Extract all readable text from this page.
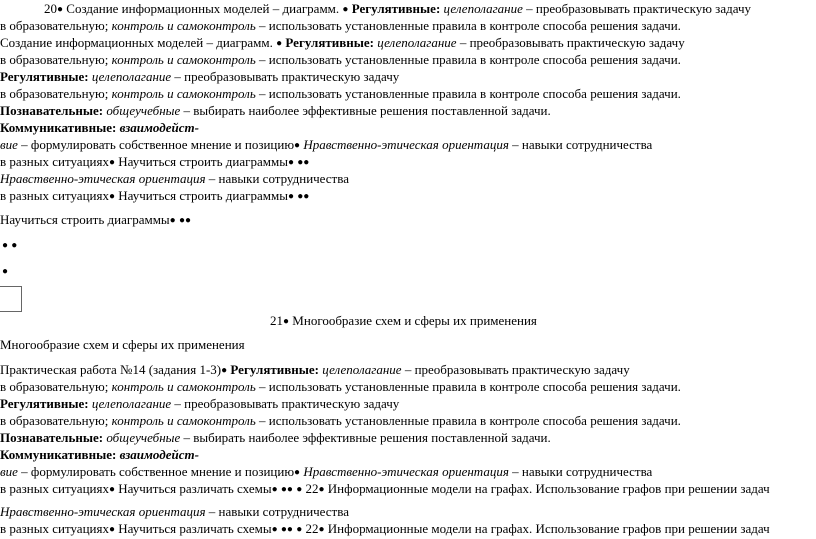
20● Создание информационных моделей – диаграмм. ● Регулятивные: целеполагание – преобразовывать практическую задачу
в образовательную; контроль и самоконтроль – использовать установленные правила в контроле способа решения задачи.
Создание информационных моделей – диаграмм. ● Регулятивные: целеполагание – преобразовывать практическую задачу
в образовательную; контроль и самоконтроль – использовать установленные правила в контроле способа решения задачи.
Регулятивные: целеполагание – преобразовывать практическую задачу
в образовательную; контроль и самоконтроль – использовать установленные правила в контроле способа решения задачи.
Познавательные: общеучебные – выбирать наиболее эффективные решения поставленной задачи.
Коммуникативные: взаимодейст-
вие – формулировать собственное мнение и позицию● Нравственно-этическая ориентация – навыки сотрудничества
в разных ситуациях● Научиться строить диаграммы● ●●
Нравственно-этическая ориентация – навыки сотрудничества
в разных ситуациях● Научиться строить диаграммы● ●●
Научиться строить диаграммы● ●●
● ●
●
21● Многообразие схем и сферы их применения
Многообразие схем и сферы их применения
Практическая работа №14 (задания 1-3)● Регулятивные: целеполагание – преобразовывать практическую задачу
в образовательную; контроль и самоконтроль – использовать установленные правила в контроле способа решения задачи.
Регулятивные: целеполагание – преобразовывать практическую задачу
в образовательную; контроль и самоконтроль – использовать установленные правила в контроле способа решения задачи.
Познавательные: общеучебные – выбирать наиболее эффективные решения поставленной задачи.
Коммуникативные: взаимодейст-
вие – формулировать собственное мнение и позицию● Нравственно-этическая ориентация – навыки сотрудничества
в разных ситуациях● Научиться различать схемы● ●● ● 22● Информационные модели на графах. Использование графов при решении задач
Нравственно-этическая ориентация – навыки сотрудничества
в разных ситуациях● Научиться различать схемы● ●● ● 22● Информационные модели на графах. Использование графов при решении задач
